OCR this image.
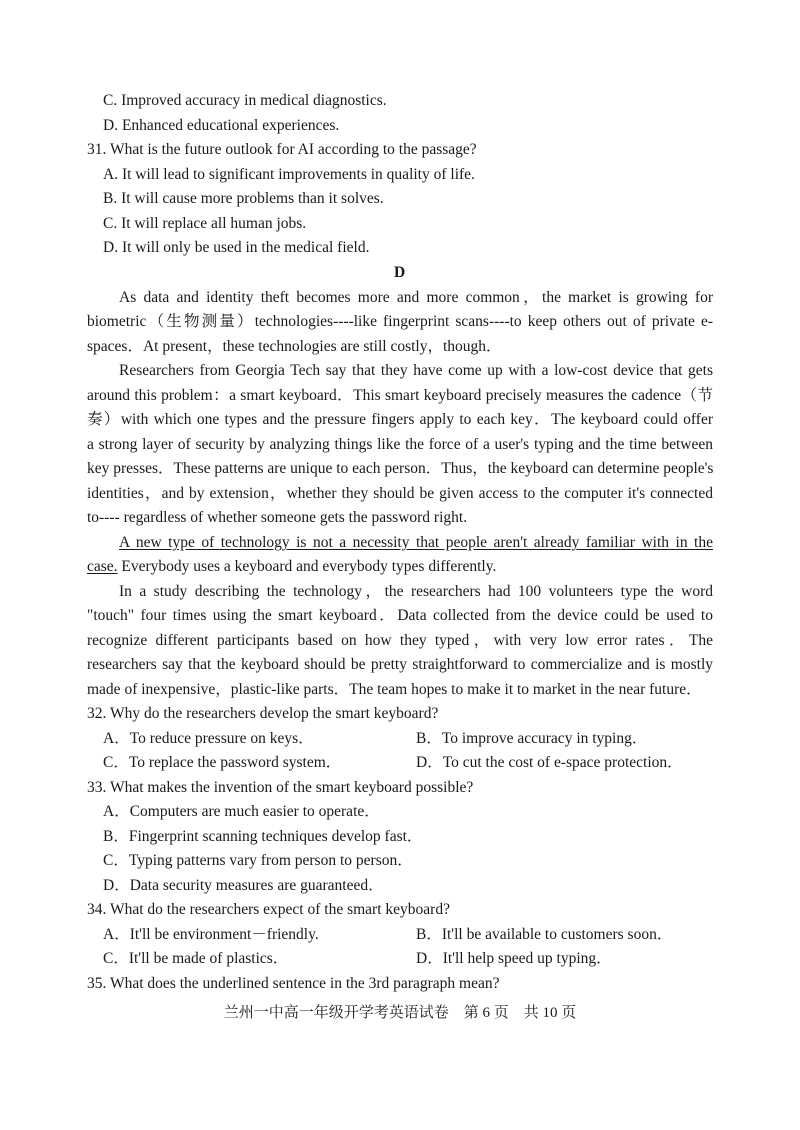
C. Improved accuracy in medical diagnostics.
D. Enhanced educational experiences.
31. What is the future outlook for AI according to the passage?
A. It will lead to significant improvements in quality of life.
B. It will cause more problems than it solves.
C. It will replace all human jobs.
D. It will only be used in the medical field.
D
As data and identity theft becomes more and more common，the market is growing for
biometric（生物测量）technologies----like fingerprint scans----to keep others out of private e-
spaces．At present，these technologies are still costly，though．
Researchers from Georgia Tech say that they have come up with a low-cost device that gets
around this problem：a smart keyboard．This smart keyboard precisely measures the cadence（节
奏）with which one types and the pressure fingers apply to each key．The keyboard could offer
a strong layer of security by analyzing things like the force of a user's typing and the time between
key presses．These patterns are unique to each person．Thus，the keyboard can determine people's
identities，and by extension，whether they should be given access to the computer it's connected
to---- regardless of whether someone gets the password right.
A new type of technology is not a necessity that people aren't already familiar with in the
case. Everybody uses a keyboard and everybody types differently.
In a study describing the technology，the researchers had 100 volunteers type the word
"touch" four times using the smart keyboard．Data collected from the device could be used to
recognize different participants based on how they typed，with very low error rates．The
researchers say that the keyboard should be pretty straightforward to commercialize and is mostly
made of inexpensive，plastic-like parts．The team hopes to make it to market in the near future．
32. Why do the researchers develop the smart keyboard?
A．To reduce pressure on keys．	B．To improve accuracy in typing．
C．To replace the password system．	D．To cut the cost of e-space protection．
33. What makes the invention of the smart keyboard possible?
A．Computers are much easier to operate．
B．Fingerprint scanning techniques develop fast．
C．Typing patterns vary from person to person．
D．Data security measures are guaranteed．
34. What do the researchers expect of the smart keyboard?
A．It'll be environment－friendly.	B．It'll be available to customers soon．
C．It'll be made of plastics．	D．It'll help speed up typing．
35. What does the underlined sentence in the 3rd paragraph mean?
兰州一中高一年级开学考英语试卷　第 6 页　共 10 页
